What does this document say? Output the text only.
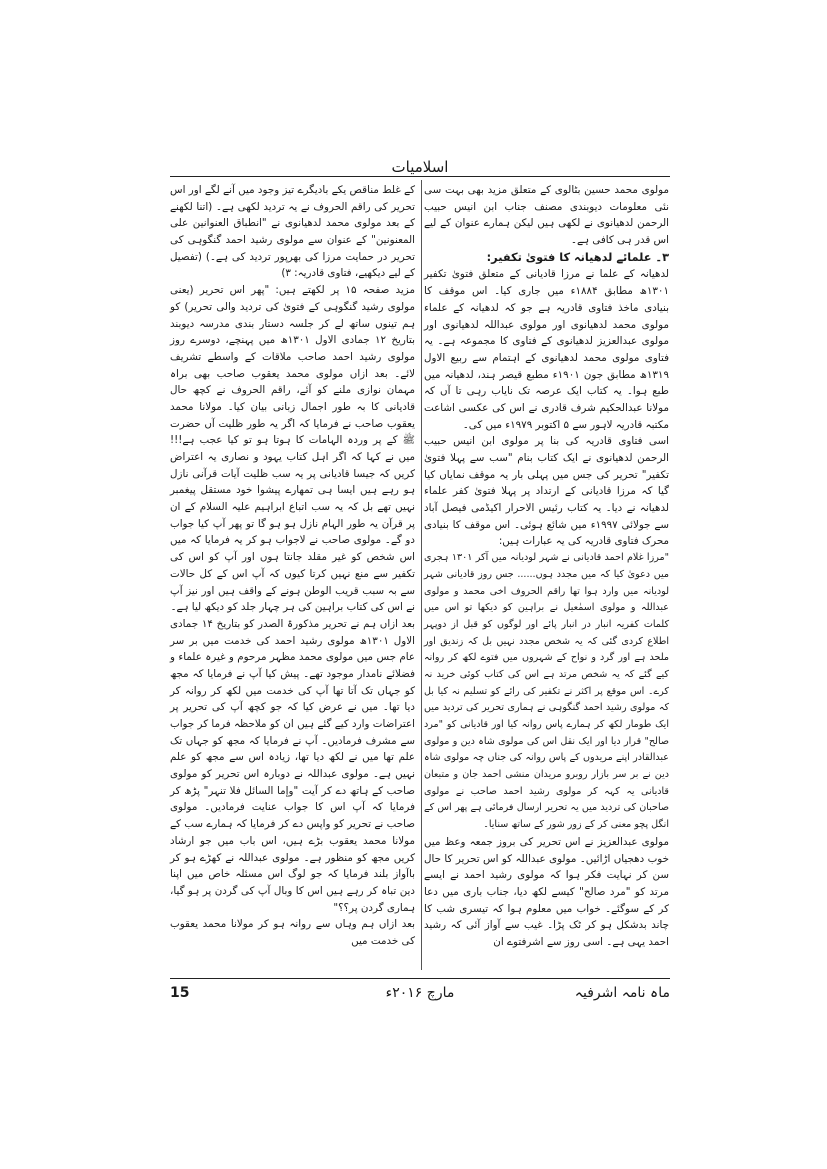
اسلامیات

مولوی محمد حسین بٹالوی کے متعلق مزید بھی بہت سی نئی معلومات دیوبندی مصنف جناب ابن انیس حبیب الرحمن لدھیانوی نے لکھی ہیں لیکن ہمارے عنوان کے لیے اس قدر ہی کافی ہے۔

۳۔ علمائے لدھیانہ کا فتویٰ تکفیر:

لدھیانہ کے علما نے مرزا قادیانی کے متعلق فتویٰ تکفیر ۱۳۰۱ھ مطابق ۱۸۸۴ء میں جاری کیا۔ اس موقف کا بنیادی ماخذ فتاوی قادریہ ہے جو کہ لدھیانہ کے علماء مولوی محمد لدھیانوی اور مولوی عبداللہ لدھیانوی اور مولوی عبدالعزیز لدھیانوی کے فتاوی کا مجموعہ ہے۔ یہ فتاوی مولوی محمد لدھیانوی کے اہتمام سے ربیع الاول ۱۳۱۹ھ مطابق جون ۱۹۰۱ء مطبع قیصر ہند، لدھیانہ میں طبع ہوا۔ یہ کتاب ایک عرصہ تک نایاب رہی تا آں کہ مولانا عبدالحکیم شرف قادری نے اس کی عکسی اشاعت مکتبہ قادریہ لاہور سے ۵ اکتوبر ۱۹۷۹ء میں کی۔

اسی فتاوی قادریہ کی بنا پر مولوی ابن انیس حبیب الرحمن لدھیانوی نے ایک کتاب بنام "سب سے پہلا فتویٰ تکفیر" تحریر کی جس میں پہلی بار یہ موقف نمایاں کیا گیا کہ مرزا قادیانی کے ارتداد پر پہلا فتویٰ کفر علماء لدھیانہ نے دیا۔ یہ کتاب رئیس الاحرار اکیڈمی فیصل آباد سے جولائی ۱۹۹۷ء میں شائع ہوئی۔ اس موقف کا بنیادی محرک فتاوی قادریہ کی یہ عبارات ہیں:

"مرزا غلام احمد قادیانی نے شہر لودیانہ میں آکر ۱۳۰۱ ہجری میں دعویٰ کیا کہ میں مجدد ہوں...... جس روز قادیانی شہر لودیانہ میں وارد ہوا تھا راقم الحروف اخی محمد و مولوی عبداللہ و مولوی اسمٰعیل نے براہین کو دیکھا تو اس میں کلمات کفریہ انبار در انبار پائے اور لوگوں کو قبل از دوپہر اطلاع کردی گئی کہ یہ شخص مجدد نہیں بل کہ زندیق اور ملحد ہے اور گرد و نواح کے شہروں میں فتوے لکھ کر روانہ کیے گئے کہ یہ شخص مرتد ہے اس کی کتاب کوئی خرید نہ کرے۔ اس موقع پر اکثر نے تکفیر کی رائے کو تسلیم نہ کیا بل کہ مولوی رشید احمد گنگوہی نے ہماری تحریر کی تردید میں ایک طومار لکھ کر ہمارے پاس روانہ کیا اور قادیانی کو "مرد صالح" قرار دیا اور ایک نقل اس کی مولوی شاہ دین و مولوی عبدالقادر اپنے مریدوں کے پاس روانہ کی جناں چہ مولوی شاہ دین نے بر سر بازار روبرو مریدان منشی احمد جان و متبعان قادیانی یہ کہہ کر مولوی رشید احمد صاحب نے مولوی صاحبان کی تردید میں یہ تحریر ارسال فرمائی ہے پھر اس کے انگل پچو معنی کر کے زور شور کے ساتھ سنایا۔

مولوی عبدالعزیز نے اس تحریر کی بروز جمعہ وعظ میں خوب دھجیاں اڑائیں۔ مولوی عبداللہ کو اس تحریر کا حال سن کر نہایت فکر ہوا کہ مولوی رشید احمد نے ایسے مرتد کو "مرد صالح" کیسے لکھ دیا، جناب باری میں دعا کر کے سوگئے۔ خواب میں معلوم ہوا کہ تیسری شب کا چاند بدشکل ہو کر ٹک پڑا۔ غیب سے آواز آئی کہ رشید احمد یہی ہے۔ اسی روز سے اشرفتوے ان

کے غلط مناقص یکے بادیگرے تیز وجود میں آنے لگے اور اس تحریر کی راقم الحروف نے یہ تردید لکھی ہے۔ (اتنا لکھنے کے بعد مولوی محمد لدھیانوی نے "انطباق العنوانین علی المعنونین" کے عنوان سے مولوی رشید احمد گنگوہی کی تحریر در حمایت مرزا کی بھرپور تردید کی ہے۔) (تفصیل کے لیے دیکھیے، فتاوی قادریہ: ۳)

مزید صفحہ ۱۵ پر لکھتے ہیں: "پھر اس تحریر (یعنی مولوی رشید گنگوہی کے فتویٰ کی تردید والی تحریر) کو ہم تینوں ساتھ لے کر جلسہ دستار بندی مدرسہ دیوبند بتاریخ ۱۲ جمادی الاول ۱۳۰۱ھ میں پہنچے، دوسرے روز مولوی رشید احمد صاحب ملاقات کے واسطے تشریف لائے۔ بعد ازاں مولوی محمد یعقوب صاحب بھی براہ مہمان نوازی ملنے کو آئے، راقم الحروف نے کچھ حال قادیانی کا بہ طور اجمال زبانی بیان کیا۔ مولانا محمد یعقوب صاحب نے فرمایا کہ اگر یہ طور ظلیت آں حضرت ﷺ کے پر وردہ الہامات کا ہوتا ہو تو کیا عجب ہے!!! میں نے کہا کہ اگر اہل کتاب یہود و نصاری یہ اعتراض کریں کہ جیسا قادیانی پر یہ سب ظلیت آیات قرآنی نازل ہو رہے ہیں ایسا ہی تمھارے پیشوا خود مستقل پیغمبر نہیں تھے بل کہ یہ سب اتباع ابراہیم علیہ السلام کے ان پر قرآن یہ طور الہام نازل ہو ہو گا تو پھر آپ کیا جواب دو گے۔ مولوی صاحب نے لاجواب ہو کر یہ فرمایا کہ میں اس شخص کو غیر مقلد جانتا ہوں اور آپ کو اس کی تکفیر سے منع نہیں کرتا کیوں کہ آپ اس کے کل حالات سے بہ سبب قریب الوطن ہونے کے واقف ہیں اور نیز آپ نے اس کی کتاب براہین کی ہر چہار جلد کو دیکھ لیا ہے۔

بعد ازاں ہم نے تحریر مذکورۃ الصدر کو بتاریخ ۱۴ جمادی الاول ۱۳۰۱ھ مولوی رشید احمد کی خدمت میں بر سر عام جس میں مولوی محمد مظہر مرحوم و غیرہ علماء و فضلائے نامدار موجود تھے۔ پیش کیا آپ نے فرمایا کہ مجھ کو جہاں تک آتا تھا آپ کی خدمت میں لکھ کر روانہ کر دیا تھا۔ میں نے عرض کیا کہ جو کچھ آپ کی تحریر پر اعتراضات وارد کیے گئے ہیں ان کو ملاحظہ فرما کر جواب سے مشرف فرمادیں۔ آپ نے فرمایا کہ مجھ کو جہاں تک علم تھا میں نے لکھ دیا تھا، زیادہ اس سے مجھ کو علم نہیں ہے۔ مولوی عبداللہ نے دوبارہ اس تحریر کو مولوی صاحب کے ہاتھ دے کر آیت "وإما السائل فلا تنہر" پڑھ کر فرمایا کہ آپ اس کا جواب عنایت فرمادیں۔ مولوی صاحب نے تحریر کو واپس دے کر فرمایا کہ ہمارے سب کے مولانا محمد یعقوب بڑے ہیں، اس باب میں جو ارشاد کریں مجھ کو منظور ہے۔ مولوی عبداللہ نے کھڑے ہو کر باآواز بلند فرمایا کہ جو لوگ اس مسئلہ خاص میں اپنا دین تباہ کر رہے ہیں اس کا وبال آپ کی گردن پر ہو گیا، ہماری گردن پر؟؟"

بعد ازاں ہم وہاں سے روانہ ہو کر مولانا محمد یعقوب کی خدمت میں

ماہ نامہ اشرفیہ
مارچ ۲۰۱۶ء
15
